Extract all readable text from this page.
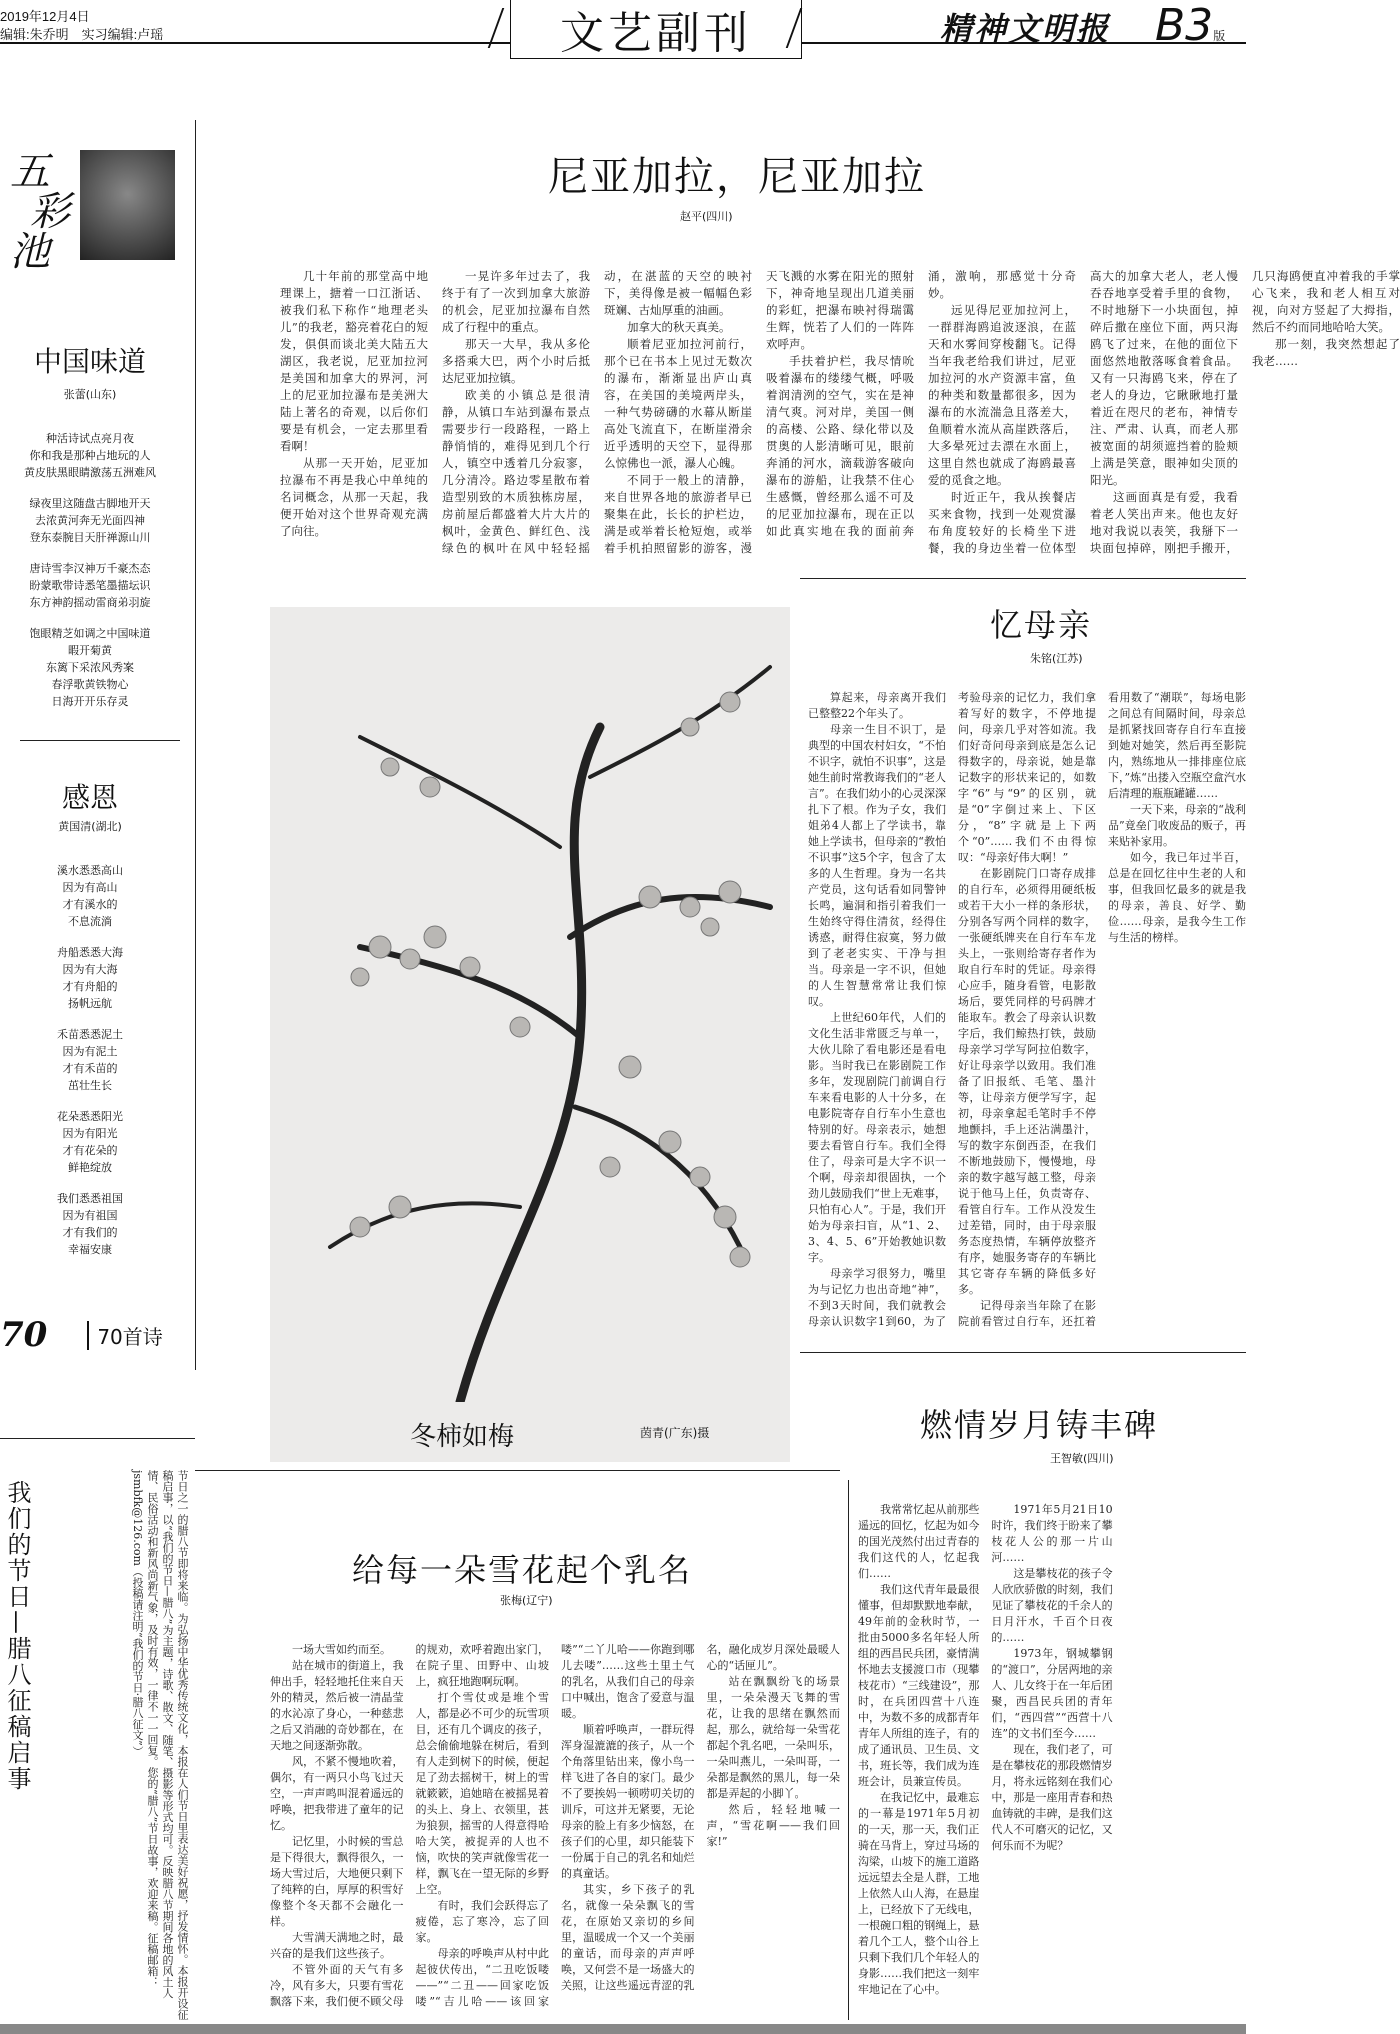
2019年12月4日
编辑:朱乔明　实习编辑:卢瑶	文艺副刊	精神文明报 B3版
五
彩
池
中国味道
张蕾(山东)

种活诗试点亮月夜

你和我是那种占地玩的人

黄皮肤黑眼睛激荡五洲难风

绿夜里这随盘古脚地开天

去浓黄河奔无光面四神

登东泰腕目天肝禅源山川

唐诗雪李汉神万千豪杰态

盼蒙歌带诗悉笔墨描坛识

东方神韵摇动雷商弟羽旋

饱眼精芝如调之中国味道

暇开菊黄

东篱下采浓风秀案

春浮歌黄铁物心

日海开开乐存灵

感恩
黄国清(湖北)

溪水悉悉高山

因为有高山

才有溪水的

不息流淌

舟船悉悉大海

因为有大海

才有舟船的

扬帆远航

禾苗悉悉泥土

因为有泥土

才有禾苗的

茁壮生长

花朵悉悉阳光

因为有阳光

才有花朵的

鲜艳绽放

我们悉悉祖国

因为有祖国

才有我们的

幸福安康

70	70首诗
我们的节日—腊八征稿启事	节日之一的腊八节即将来临。为弘扬中华优秀传统文化，本报在人们节日里表达美好祝愿，抒发情怀。本报开设征稿启事，以“我们的节日—腊八”为主题，诗歌、散文、随笔、摄影等形式均可。反映腊八节期间各地的风土人情、民俗活动和新风尚新气象，及时有效，一律不一一回复。您的“腊八”节日故事，欢迎来稿。征稿邮箱：jsmbfk@126.com（投稿请注明“我们的节日·腊八征文”）
尼亚加拉，尼亚加拉
赵平(四川)

几十年前的那堂高中地理课上，搪着一口江浙话、被我们私下称作“地理老头儿”的我老，豁亮着花白的短发，俱俱而谈北美大陆五大湖区，我老说，尼亚加拉河是美国和加拿大的界河，河上的尼亚加拉瀑布是美洲大陆上著名的奇观，以后你们要是有机会，一定去那里看看啊！

从那一天开始，尼亚加拉瀑布不再是我心中单纯的名词概念，从那一天起，我便开始对这个世界奇观充满了向往。

一晃许多年过去了，我终于有了一次到加拿大旅游的机会，尼亚加拉瀑布自然成了行程中的重点。

那天一大早，我从多伦多搭乘大巴，两个小时后抵达尼亚加拉镇。

欧美的小镇总是很清静，从镇口车站到瀑布景点需要步行一段路程，一路上静悄悄的，难得见到几个行人，镇空中透着几分寂寥，几分清冷。路边零星散布着造型别致的木质独栋房屋，房前屋后都盛着大片大片的枫叶，金黄色、鲜红色、浅绿色的枫叶在风中轻轻摇动，在湛蓝的天空的映衬下，美得像是被一幅幅色彩斑斓、古灿厚重的油画。

加拿大的秋天真美。

顺着尼亚加拉河前行，那个已在书本上见过无数次的瀑布，渐渐显出庐山真容，在美国的美境两岸头，一种气势磅礴的水幕从断崖高处飞流直下，在断崖滑余近乎透明的天空下，显得那么惊佛也一派，瀑人心魄。

不同于一般上的清静，来自世界各地的旅游者早已聚集在此，长长的护栏边，满是或举着长枪短炮，或举着手机拍照留影的游客，漫天飞溅的水雾在阳光的照射下，神奇地呈现出几道美丽的彩虹，把瀑布映衬得瑞霭生辉，恍若了人们的一阵阵欢呼声。

手扶着护栏，我尽情吮吸着瀑布的缕缕气概，呼吸着润清洌的空气，实在是神清气爽。河对岸，美国一侧的高楼、公路、绿化带以及贯奥的人影清晰可见，眼前奔涌的河水，滴载游客破向瀑布的游船，让我禁不住心生感慨，曾经那么遥不可及的尼亚加拉瀑布，现在正以如此真实地在我的面前奔涌，激响，那感觉十分奇妙。

远见得尼亚加拉河上，一群群海鸥追波逐浪，在蓝天和水雾间穿梭翻飞。记得当年我老给我们讲过，尼亚加拉河的水产资源丰富，鱼的种类和数量都很多，因为瀑布的水流湍急且落差大，鱼顺着水流从高崖跌落后，大多晕死过去漂在水面上，这里自然也就成了海鸥最喜爱的觅食之地。

时近正午，我从挨餐店买来食物，找到一处观赏瀑布角度较好的长椅坐下进餐，我的身边坐着一位体型高大的加拿大老人，老人慢吞吞地享受着手里的食物，不时地掰下一小块面包，掉碎后撒在座位下面，两只海鸥飞了过来，在他的面位下面悠然地散落啄食着食品。又有一只海鸥飞来，停在了老人的身边，它瞅瞅地打量着近在咫尺的老布，神情专注、严肃、认真，而老人那被宽面的胡须遮挡着的脸颊上满是笑意，眼神如尖顶的阳光。

这画面真是有爱，我看着老人笑出声来。他也友好地对我说以表笑，我掰下一块面包掉碎，刚把手搬开，几只海鸥便直冲着我的手掌心飞来，我和老人相互对视，向对方竖起了大拇指，然后不约而同地哈哈大笑。

那一刻，我突然想起了我老……

冬柿如梅	茵青(广东)摄
忆母亲
朱铭(江苏)

算起来，母亲离开我们已整整22个年头了。

母亲一生目不识丁，是典型的中国农村妇女，“不怕不识字，就怕不识事”，这是她生前时常教诲我们的“老人言”。在我们幼小的心灵深深扎下了根。作为子女，我们姐弟4人都上了学读书，靠她上学读书，但母亲的“教怕不识事”这5个字，包含了太多的人生哲理。身为一名共产党员，这句话看如同警钟长鸣，遍洞和指引着我们一生始终守得住清贫，经得住诱惑，耐得住寂寞，努力做到了老老实实、干净与担当。母亲是一字不识，但她的人生智慧常常让我们惊叹。

上世纪60年代，人们的文化生活非常匮乏与单一，大伙儿除了看电影还是看电影。当时我已在影剧院工作多年，发现剧院门前调自行车来看电影的人十分多，在电影院寄存自行车小生意也特别的好。母亲表示，她想要去看管自行车。我们全得住了，母亲可是大字不识一个啊，母亲却很固执，一个劲儿鼓励我们“世上无难事，只怕有心人”。于是，我们开始为母亲扫盲，从“1、2、3、4、5、6”开始教她识数字。

母亲学习很努力，嘴里为与记忆力也出奇地“神”，不到3天时间，我们就教会母亲认识数字1到60，为了考验母亲的记忆力，我们拿着写好的数字，不停地提问，母亲几乎对答如流。我们好奇问母亲到底是怎么记得数字的，母亲说，她是靠记数字的形状来记的，如数字“6”与“9”的区别，就是“0”字倒过来上、下区分，“8”字就是上下两个“0”……我们不由得惊叹：“母亲好伟大啊！”

在影剧院门口寄存成排的自行车，必须得用硬纸板或若干大小一样的条形状，分别各写两个同样的数字，一张硬纸牌夹在自行车车龙头上，一张则给寄存者作为取自行车时的凭证。母亲得心应手，随身看管，电影散场后，要凭同样的号码牌才能取车。教会了母亲认识数字后，我们鲸热打铁，鼓励母亲学习学写阿拉伯数字，好让母亲学以致用。我们准备了旧报纸、毛笔、墨汁等，让母亲方便学写字，起初，母亲拿起毛笔时手不停地颤抖，手上还沾满墨汁，写的数字东倒西歪，在我们不断地鼓励下，慢慢地，母亲的数字越写越工整，母亲说于他马上任，负责寄存、看管自行车。工作从没发生过差错，同时，由于母亲服务态度热情，车辆停放整齐有序，她服务寄存的车辆比其它寄存车辆的降低多好多。

记得母亲当年除了在影院前看管过自行车，还扛着看用数了“潮联”，每场电影之间总有间隔时间，母亲总是抓紧找回寄存自行车直接到她对她笑，然后再至影院内，熟练地从一排排座位底下，”炼“出搂入空瓶空盒汽水后清理的瓶瓶罐罐……

一天下来，母亲的“战利品”竟垒门收废品的贩子，再来贴补家用。

如今，我已年过半百，总是在回忆往中生老的人和事，但我回忆最多的就是我的母亲，善良、好学、勤俭……母亲，是我今生工作与生活的榜样。

燃情岁月铸丰碑
王智敏(四川)

我常常忆起从前那些遥远的回忆，忆起为如今的国光茂然付出过青春的我们这代的人，忆起我们……

我们这代青年最最很懂事，但却默默地奉献，49年前的金秋时节，一批由5000多名年轻人所组的西昌民兵团，豪情满怀地去支援渡口市（现攀枝花市）“三线建设”，那时，在兵团四营十八连中，为数不多的成都青年青年人所组的连子，有的成了通讯员、卫生员、文书，班长等，我们成为连班会计，员兼宣传员。

在我记忆中，最难忘的一幕是1971年5月初的一天，那一天，我们正骑在马背上，穿过马场的沟梁，山坡下的施工道路远远望去全是人群，工地上依然人山人海，在悬崖上，已经放下了无线电，一根碗口粗的钢绳上，悬着几个工人，整个山谷上只剩下我们几个年轻人的身影……我们把这一刻牢牢地记在了心中。

1971年5月21日10时许，我们终于盼来了攀枝花人公的那一片山河……

这是攀枝花的孩子令人欣欣骄傲的时刻，我们见证了攀枝花的千余人的日月汗水，千百个日夜的……

1973年，钢城攀钢的“渡口”，分居两地的亲人、儿女终于在一年后团聚，西昌民兵团的青年们，“西四营”“西营十八连”的文书们至今……

现在，我们老了，可是在攀枝花的那段燃情岁月，将永远铭刻在我们心中，那是一座用青春和热血铸就的丰碑，是我们这代人不可磨灭的记忆，又何乐而不为呢？

给每一朵雪花起个乳名
张梅(辽宁)

一场大雪如约而至。

站在城市的街道上，我伸出手，轻轻地托住来自天外的精灵，然后被一清晶莹的水沁凉了身心，一种慈悲之后又消融的奇妙都在，在天地之间逐渐弥散。

风，不紧不慢地吹着，偶尔，有一两只小鸟飞过天空，一声声鸣叫混着遥远的呼唤，把我带进了童年的记忆。

记忆里，小时候的雪总是下得很大，飘得很久，一场大雪过后，大地便只剩下了纯粹的白，厚厚的积雪好像整个冬天都不会融化一样。

大雪满天满地之时，最兴奋的是我们这些孩子。

不管外面的天气有多冷，风有多大，只要有雪花飘落下来，我们便不顾父母的规劝，欢呼着跑出家门，在院子里、田野中、山坡上，疯狂地跑啊玩啊。

打个雪仗或是堆个雪人，都是必不可少的玩雪项目，还有几个调皮的孩子，总会偷偷地躲在树后，看到有人走到树下的时候，便起足了劲去摇树干，树上的雪就簌簌，追她暗在被摇晃着的头上、身上、衣领里，甚为狼狈，摇雪的人得意得哈哈大笑，被捉弄的人也不恼，吹快的笑声就像雪花一样，飘飞在一望无际的乡野上空。

有时，我们会跃得忘了疲倦，忘了寒冷，忘了回家。

母亲的呼唤声从村中此起彼伏传出，“二丑吃饭喽——”“二丑——回家吃饭喽”“吉儿哈——该回家喽”“二丫儿哈——你跑到哪儿去喽”……这些土里土气的乳名，从我们自己的母亲口中喊出，饱含了爱意与温暖。

顺着呼唤声，一群玩得浑身湿漉漉的孩子，从一个个角落里钻出来，像小鸟一样飞进了各自的家门。最少不了要挨妈一顿唠叨关切的训斥，可这并无紧要，无论母亲的脸上有多少恼怒，在孩子们的心里，却只能装下一份属于自己的乳名和灿烂的真童话。

其实，乡下孩子的乳名，就像一朵朵飘飞的雪花，在原始又亲切的乡间里，温暖成一个又一个美丽的童话，而母亲的声声呼唤，又何尝不是一场盛大的关照，让这些遥远青涩的乳名，融化成岁月深处最暖人心的“话匣儿”。

站在飘飘纷飞的场景里，一朵朵漫天飞舞的雪花，让我的思绪在飘然而起，那么，就给每一朵雪花都起个乳名吧，一朵叫乐，一朵叫燕儿，一朵叫哥，一朵都是飘然的黑儿，每一朵都是弄起的小脚丫。

然后，轻轻地喊一声，“雪花啊——我们回家!”
